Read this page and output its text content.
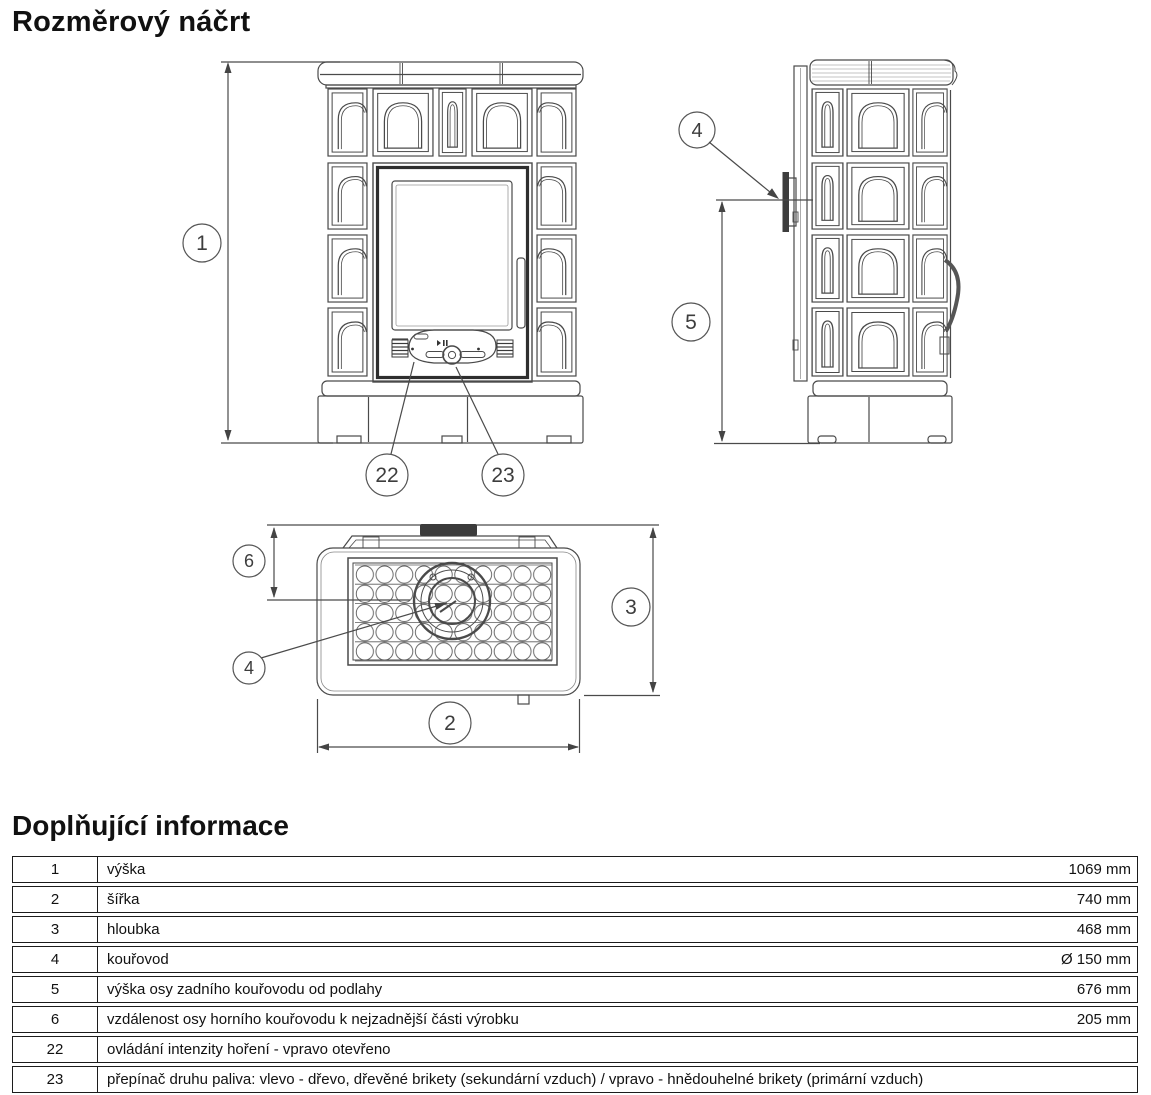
Rozměrový náčrt
1
22	23
4
5
6
4
3
2
Doplňující informace
1	výška	1069 mm
2	šířka	740 mm
3	hloubka	468 mm
4	kouřovod	Ø 150 mm
5	výška osy zadního kouřovodu od podlahy	676 mm
6	vzdálenost osy horního kouřovodu k nejzadnější části výrobku	205 mm
22	ovládání intenzity hoření - vpravo otevřeno
23	přepínač druhu paliva: vlevo - dřevo, dřevěné brikety (sekundární vzduch) / vpravo - hnědouhelné brikety (primární vzduch)
